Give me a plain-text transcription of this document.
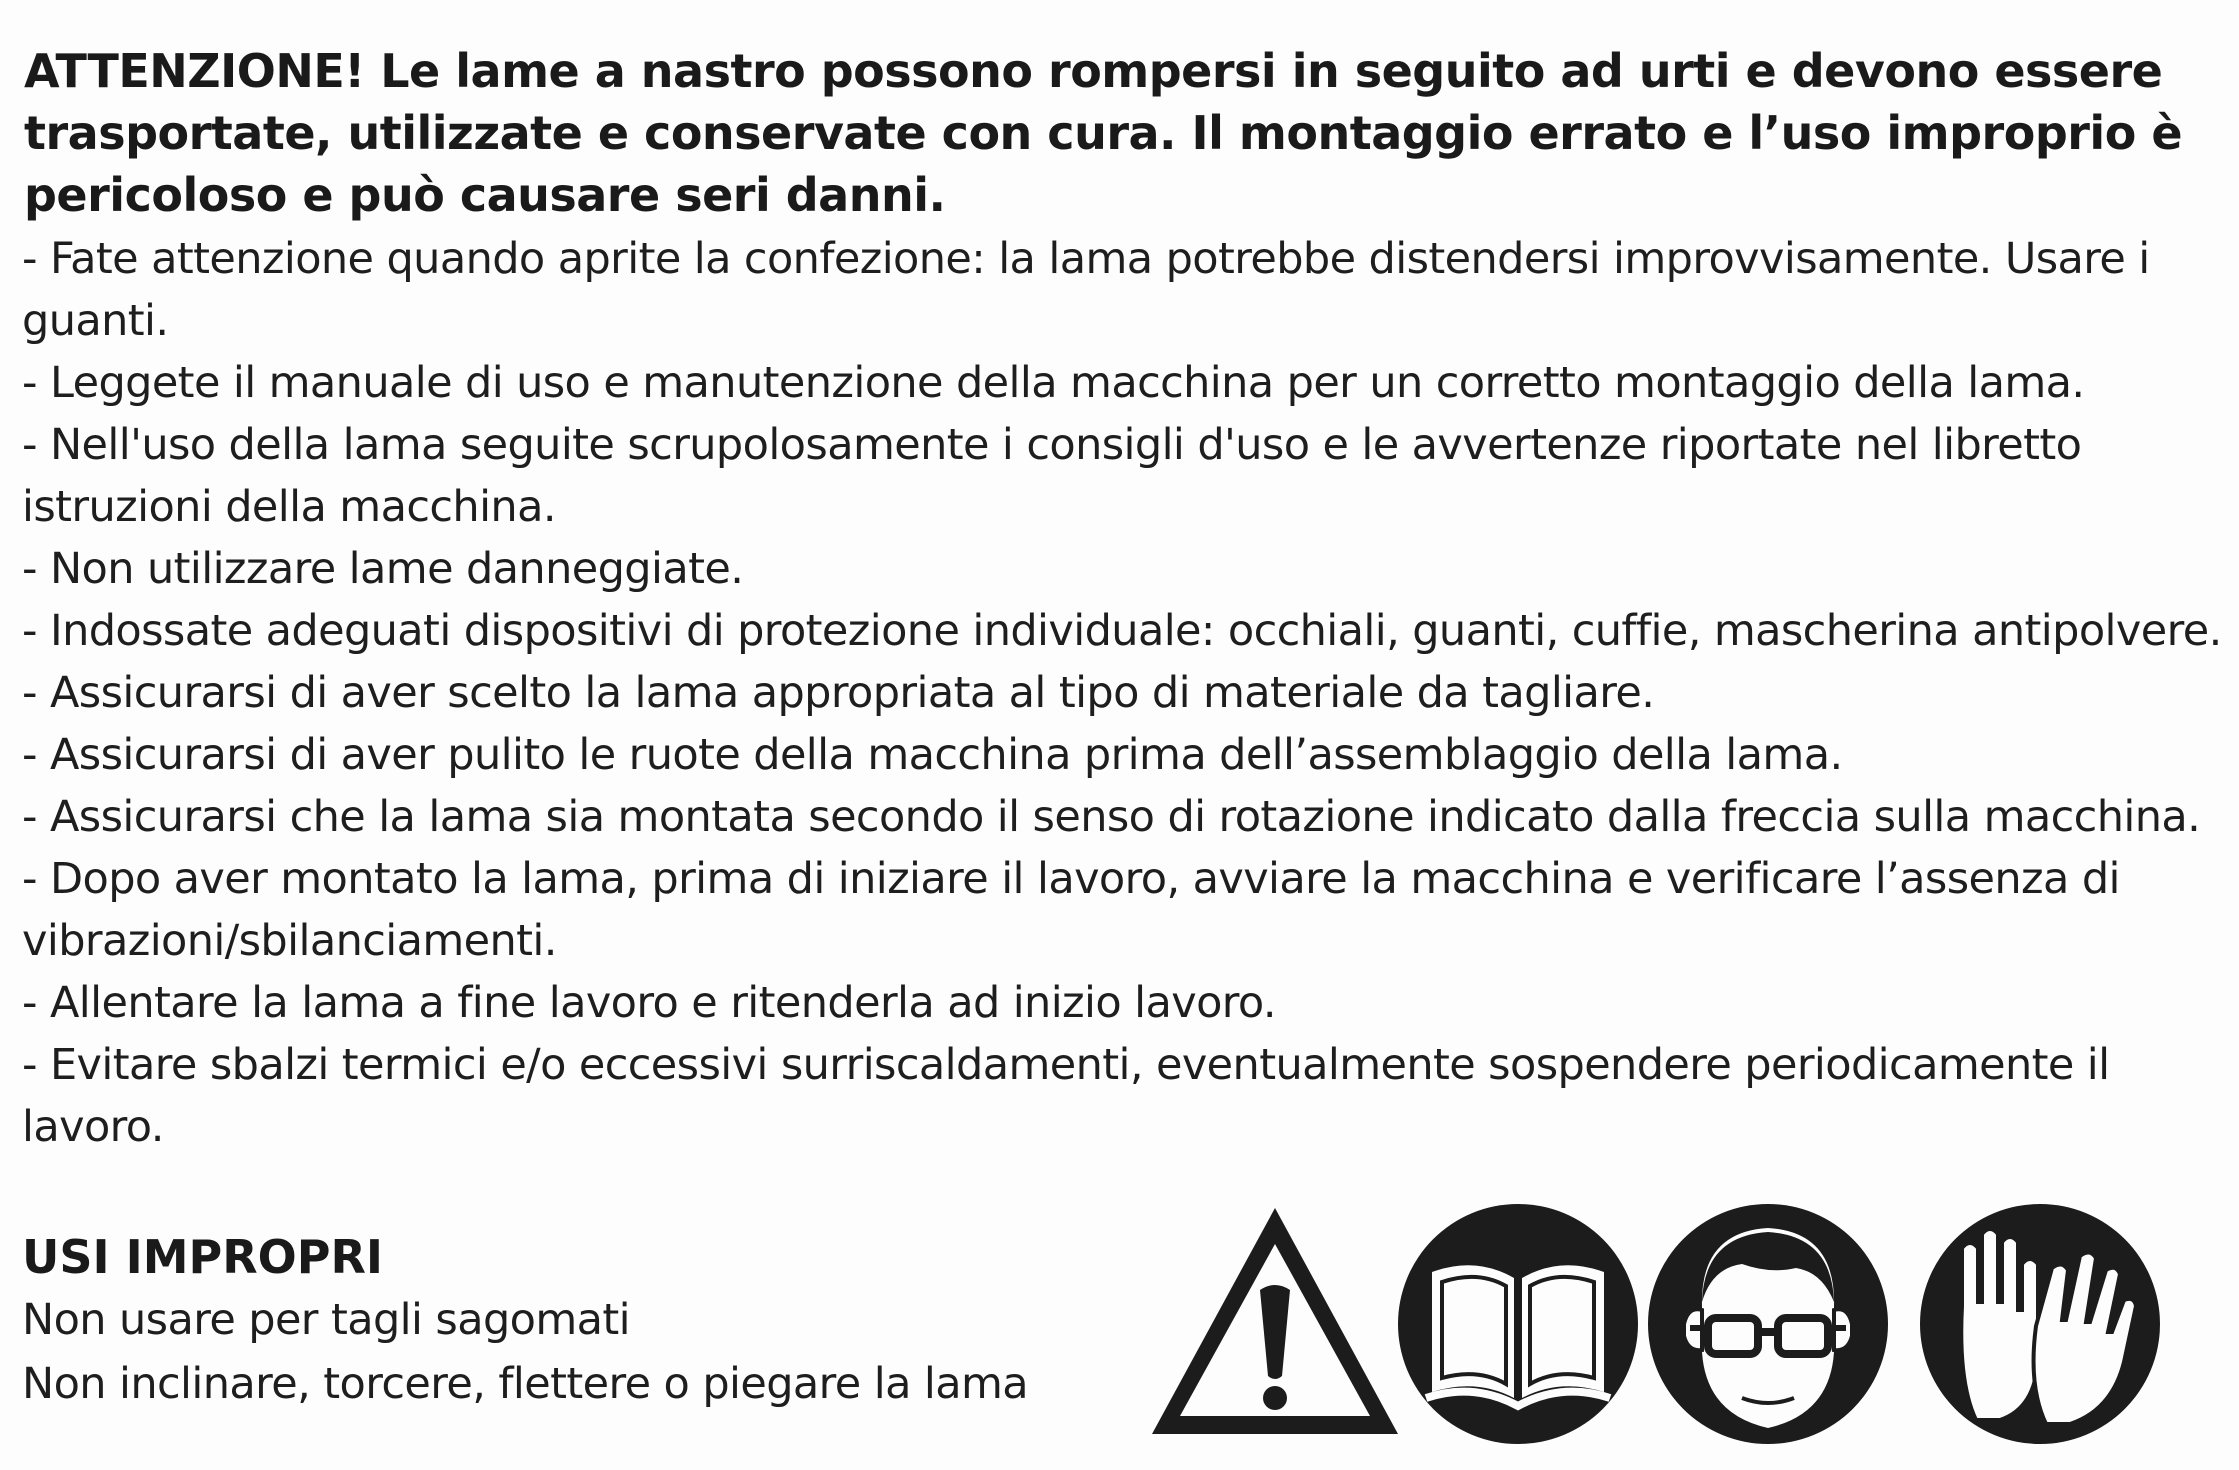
ATTENZIONE! Le lame a nastro possono rompersi in seguito ad urti e devono essere trasportate, utilizzate e conservate con cura. Il montaggio errato e l’uso improprio è pericoloso e può causare seri danni.

- Fate attenzione quando aprite la confezione: la lama potrebbe distendersi improvvisamente. Usare i guanti.
- Leggete il manuale di uso e manutenzione della macchina per un corretto montaggio della lama.
- Nell'uso della lama seguite scrupolosamente i consigli d'uso e le avvertenze riportate nel libretto istruzioni della macchina.
- Non utilizzare lame danneggiate.
- Indossate adeguati dispositivi di protezione individuale: occhiali, guanti, cuffie, mascherina antipolvere.
- Assicurarsi di aver scelto la lama appropriata al tipo di materiale da tagliare.
- Assicurarsi di aver pulito le ruote della macchina prima dell’assemblaggio della lama.
- Assicurarsi che la lama sia montata secondo il senso di rotazione indicato dalla freccia sulla macchina.
- Dopo aver montato la lama, prima di iniziare il lavoro, avviare la macchina e verificare l’assenza di vibrazioni/sbilanciamenti.
- Allentare la lama a fine lavoro e ritenderla ad inizio lavoro.
- Evitare sbalzi termici e/o eccessivi surriscaldamenti, eventualmente sospendere periodicamente il lavoro.
USI IMPROPRI
Non usare per tagli sagomati
Non inclinare, torcere, flettere o piegare la lama
